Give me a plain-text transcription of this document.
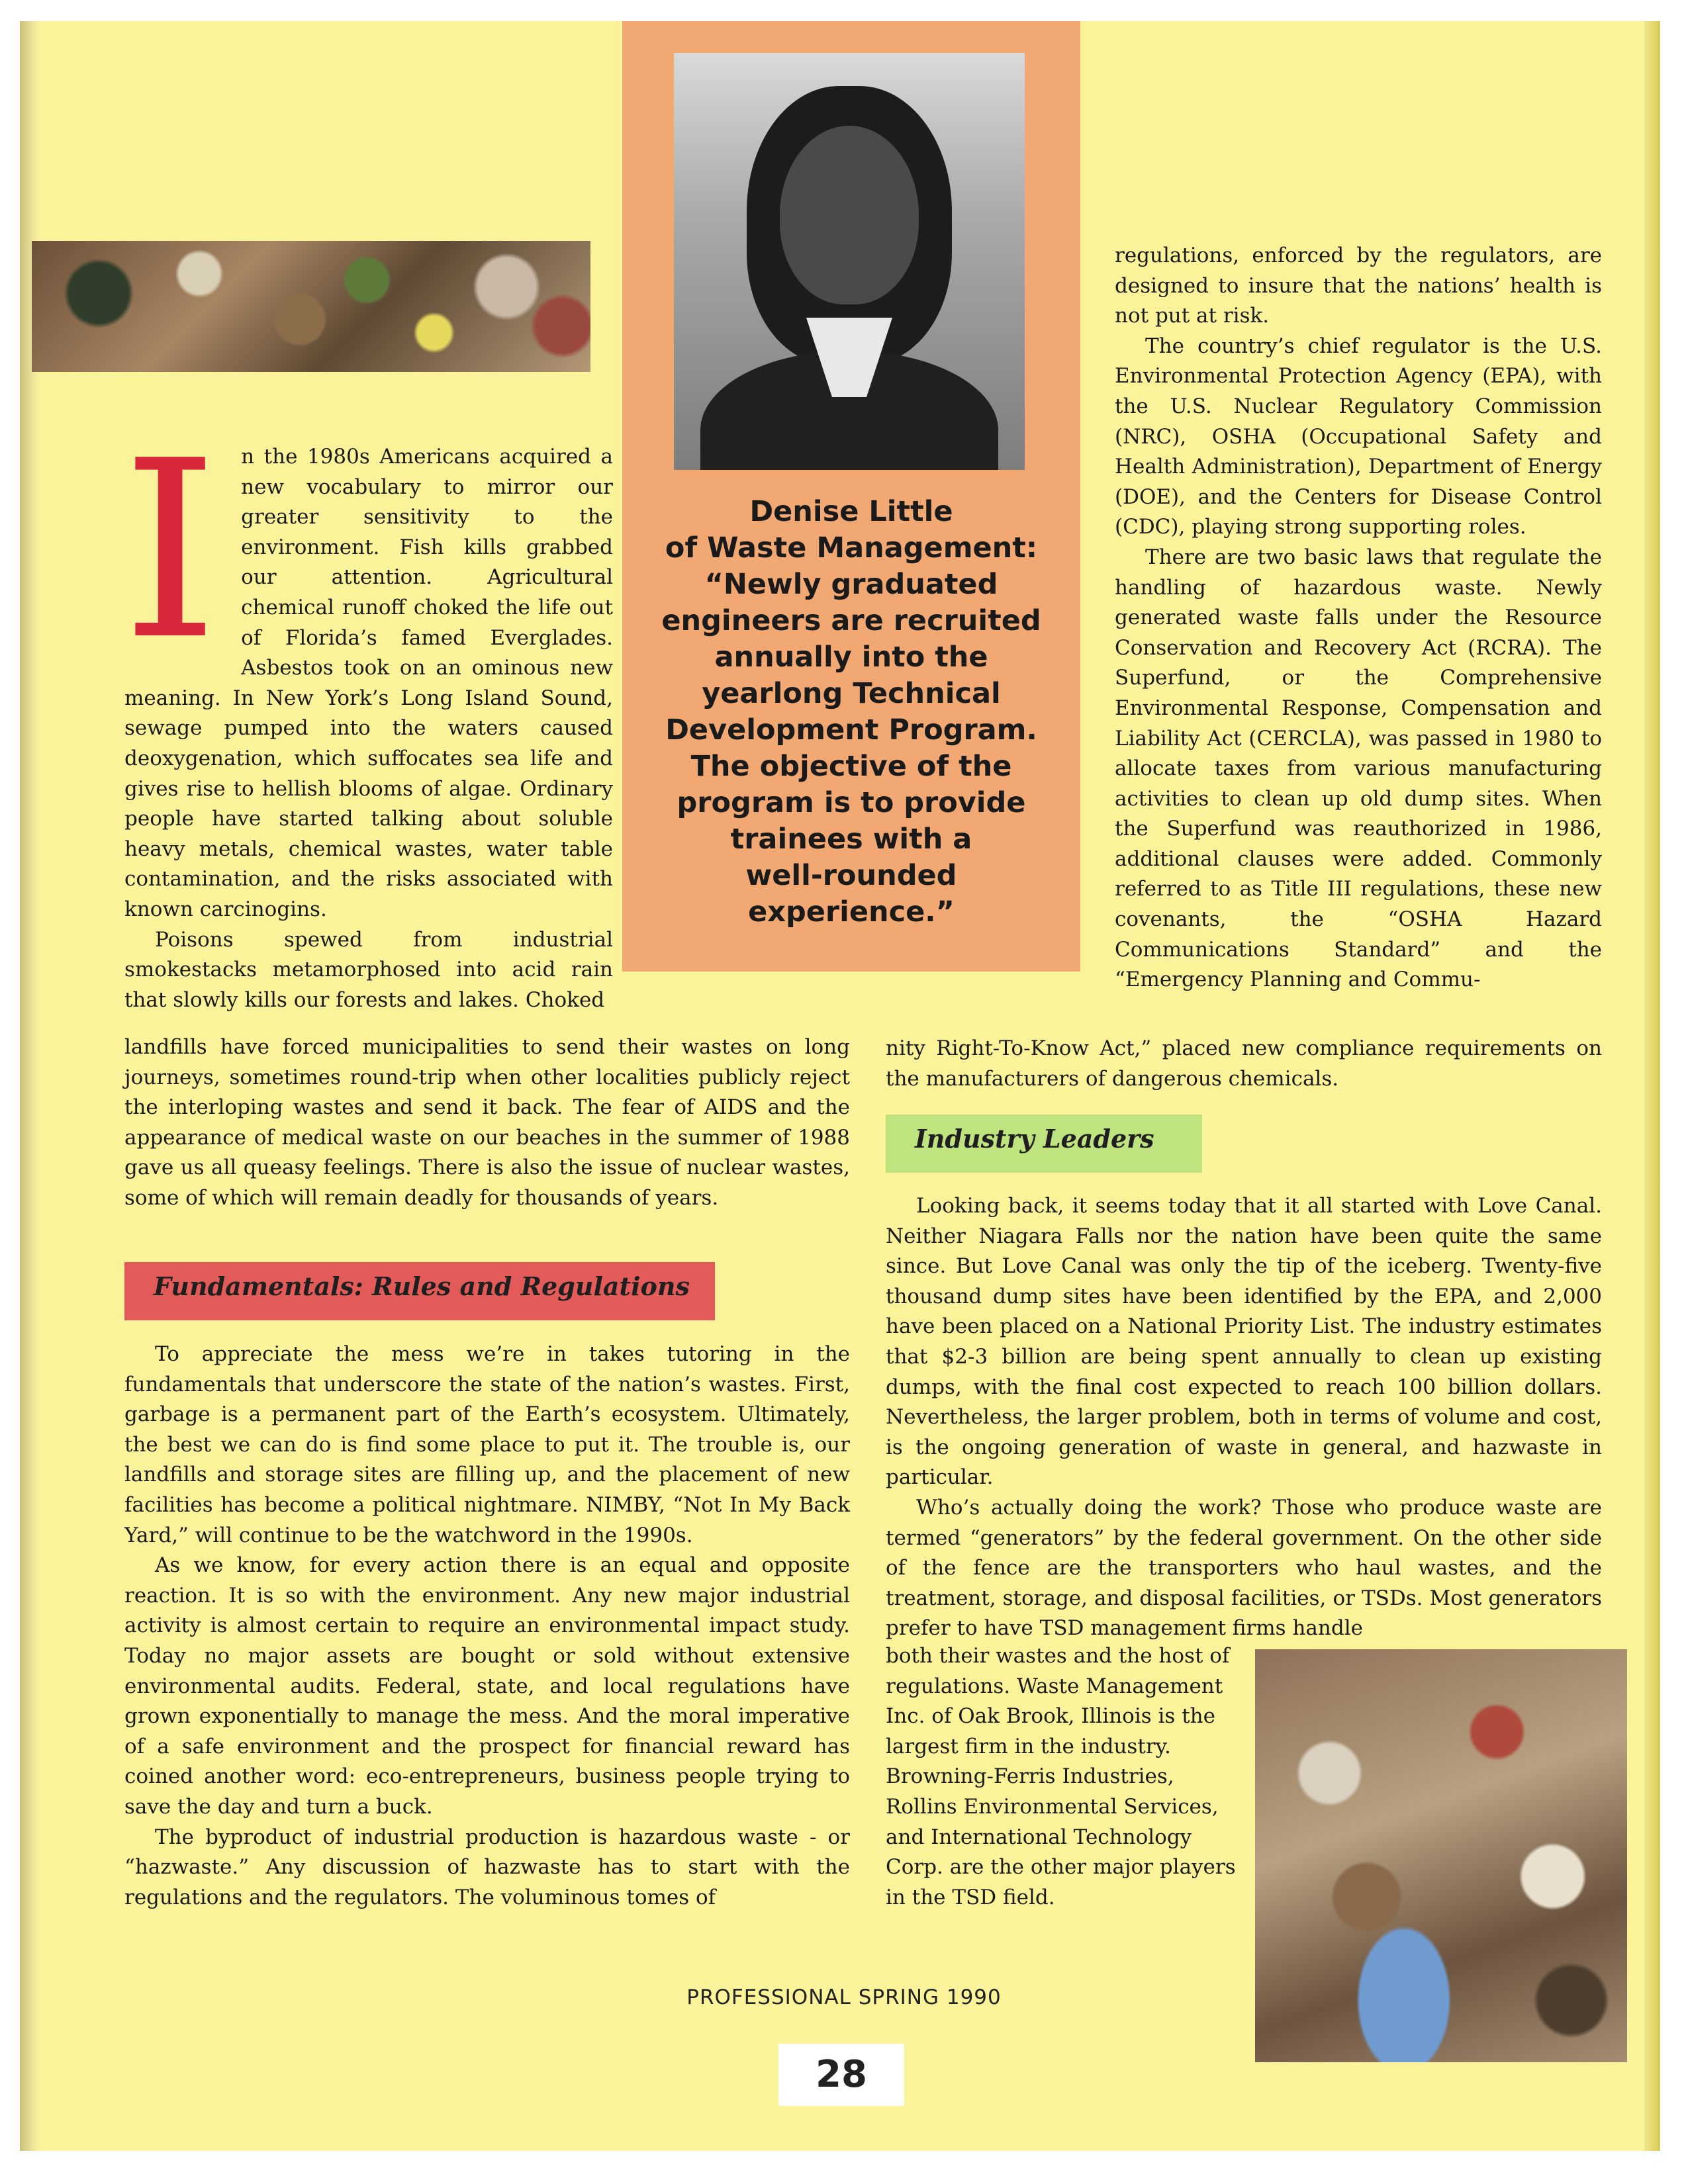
Denise Little
of Waste Management:
“Newly graduated
engineers are recruited
annually into the
yearlong Technical
Development Program.
The objective of the
program is to provide
trainees with a
well-rounded
experience.”
I	n the 1980s Americans acquired a new vocabulary to mirror our greater sensitivity to the environment. Fish kills grabbed our attention. Agricultural chemical runoff choked the life out of Florida’s famed Everglades. Asbestos took on an ominous new meaning. In New York’s Long Island Sound, sewage pumped into the waters caused deoxygenation, which suffocates sea life and gives rise to hellish blooms of algae. Ordinary people have started talking about soluble heavy metals, chemical wastes, water table contamination, and the risks associated with known carcinogins.

Poisons spewed from industrial smokestacks metamorphosed into acid rain that slowly kills our forests and lakes. Choked

landfills have forced municipalities to send their wastes on long journeys, sometimes round-trip when other localities publicly reject the interloping wastes and send it back. The fear of AIDS and the appearance of medical waste on our beaches in the summer of 1988 gave us all queasy feelings. There is also the issue of nuclear wastes, some of which will remain deadly for thousands of years.

Fundamentals: Rules and Regulations

To appreciate the mess we’re in takes tutoring in the fundamentals that underscore the state of the nation’s wastes. First, garbage is a permanent part of the Earth’s ecosystem. Ultimately, the best we can do is find some place to put it. The trouble is, our landfills and storage sites are filling up, and the placement of new facilities has become a political nightmare. NIMBY, “Not In My Back Yard,” will continue to be the watchword in the 1990s.

As we know, for every action there is an equal and opposite reaction. It is so with the environment. Any new major industrial activity is almost certain to require an environmental impact study. Today no major assets are bought or sold without extensive environmental audits. Federal, state, and local regulations have grown exponentially to manage the mess. And the moral imperative of a safe environment and the prospect for financial reward has coined another word: eco-entrepreneurs, business people trying to save the day and turn a buck.

The byproduct of industrial production is hazardous waste - or “hazwaste.” Any discussion of hazwaste has to start with the regulations and the regulators. The voluminous tomes of

regulations, enforced by the regulators, are designed to insure that the nations’ health is not put at risk.

The country’s chief regulator is the U.S. Environmental Protection Agency (EPA), with the U.S. Nuclear Regulatory Commission (NRC), OSHA (Occupational Safety and Health Administration), Department of Energy (DOE), and the Centers for Disease Control (CDC), playing strong supporting roles.

There are two basic laws that regulate the handling of hazardous waste. Newly generated waste falls under the Resource Conservation and Recovery Act (RCRA). The Superfund, or the Comprehensive Environmental Response, Compensation and Liability Act (CERCLA), was passed in 1980 to allocate taxes from various manufacturing activities to clean up old dump sites. When the Superfund was reauthorized in 1986, additional clauses were added. Commonly referred to as Title III regulations, these new covenants, the “OSHA Hazard Communications Standard” and the “Emergency Planning and Commu-

nity Right-To-Know Act,” placed new compliance requirements on the manufacturers of dangerous chemicals.

Industry Leaders

Looking back, it seems today that it all started with Love Canal. Neither Niagara Falls nor the nation have been quite the same since. But Love Canal was only the tip of the iceberg. Twenty-five thousand dump sites have been identified by the EPA, and 2,000 have been placed on a National Priority List. The industry estimates that $2-3 billion are being spent annually to clean up existing dumps, with the final cost expected to reach 100 billion dollars. Nevertheless, the larger problem, both in terms of volume and cost, is the ongoing generation of waste in general, and hazwaste in particular.

Who’s actually doing the work? Those who produce waste are termed “generators” by the federal government. On the other side of the fence are the transporters who haul wastes, and the treatment, storage, and disposal facilities, or TSDs. Most generators prefer to have TSD management firms handle

both their wastes and the host of regulations. Waste Management Inc. of Oak Brook, Illinois is the largest firm in the industry. Browning-Ferris Industries, Rollins Environmental Services, and International Technology Corp. are the other major players in the TSD field.

PROFESSIONAL SPRING 1990
28
